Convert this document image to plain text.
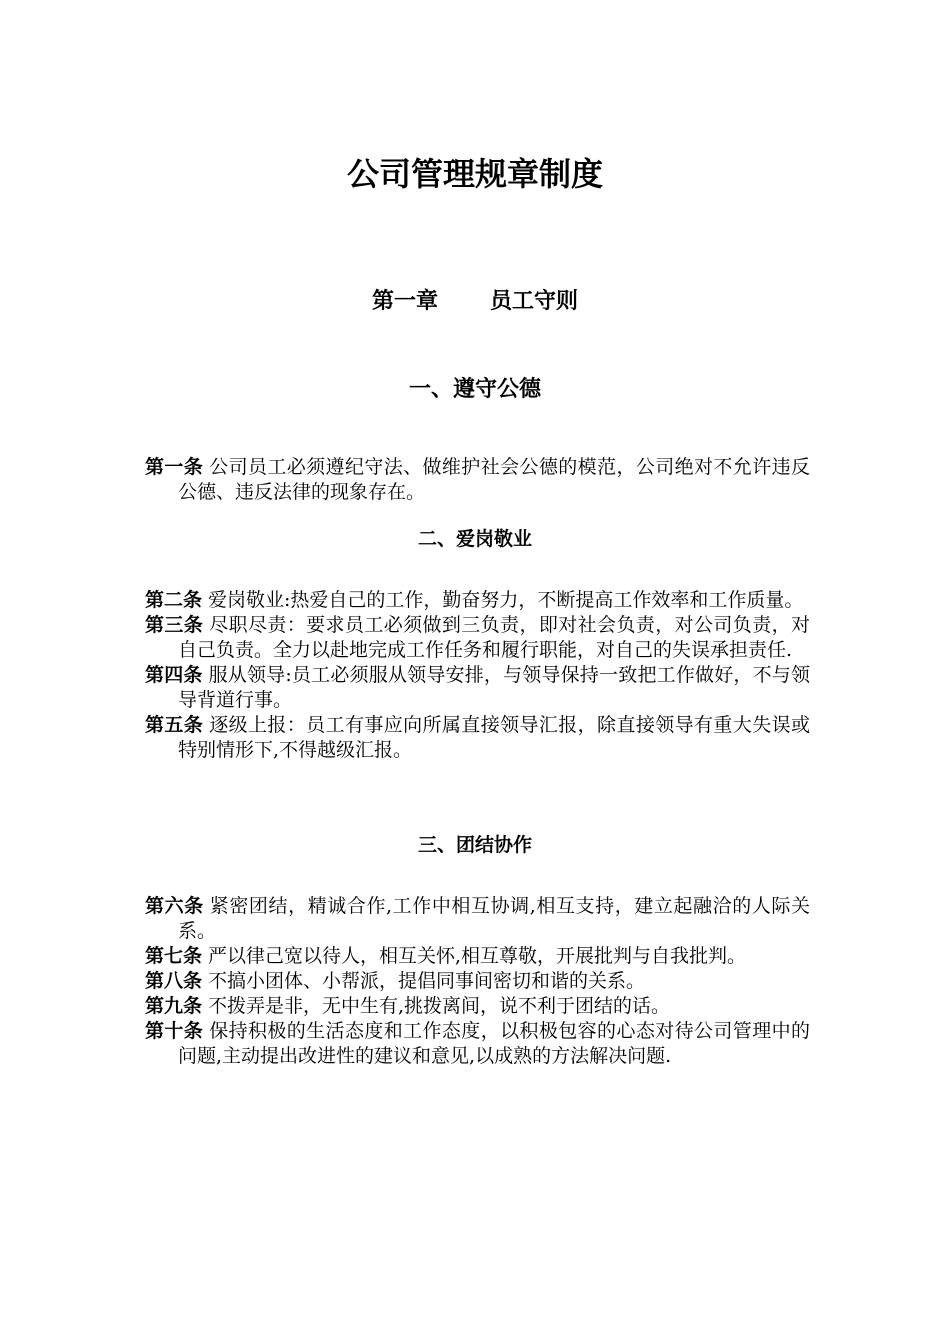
公司管理规章制度
第一章 员工守则
一、遵守公德
第一条 公司员工必须遵纪守法、做维护社会公德的模范，公司绝对不允许违反公德、违反法律的现象存在。
二、爱岗敬业
第二条 爱岗敬业:热爱自己的工作，勤奋努力，不断提高工作效率和工作质量。
第三条 尽职尽责：要求员工必须做到三负责，即对社会负责，对公司负责，对自己负责。全力以赴地完成工作任务和履行职能，对自己的失误承担责任.
第四条 服从领导:员工必须服从领导安排，与领导保持一致把工作做好，不与领导背道行事。
第五条 逐级上报：员工有事应向所属直接领导汇报，除直接领导有重大失误或特别情形下,不得越级汇报。
三、团结协作
第六条 紧密团结，精诚合作,工作中相互协调,相互支持，建立起融洽的人际关系。
第七条 严以律己宽以待人，相互关怀,相互尊敬，开展批判与自我批判。
第八条 不搞小团体、小帮派，提倡同事间密切和谐的关系。
第九条 不拨弄是非，无中生有,挑拨离间，说不利于团结的话。
第十条 保持积极的生活态度和工作态度，以积极包容的心态对待公司管理中的问题,主动提出改进性的建议和意见,以成熟的方法解决问题.
